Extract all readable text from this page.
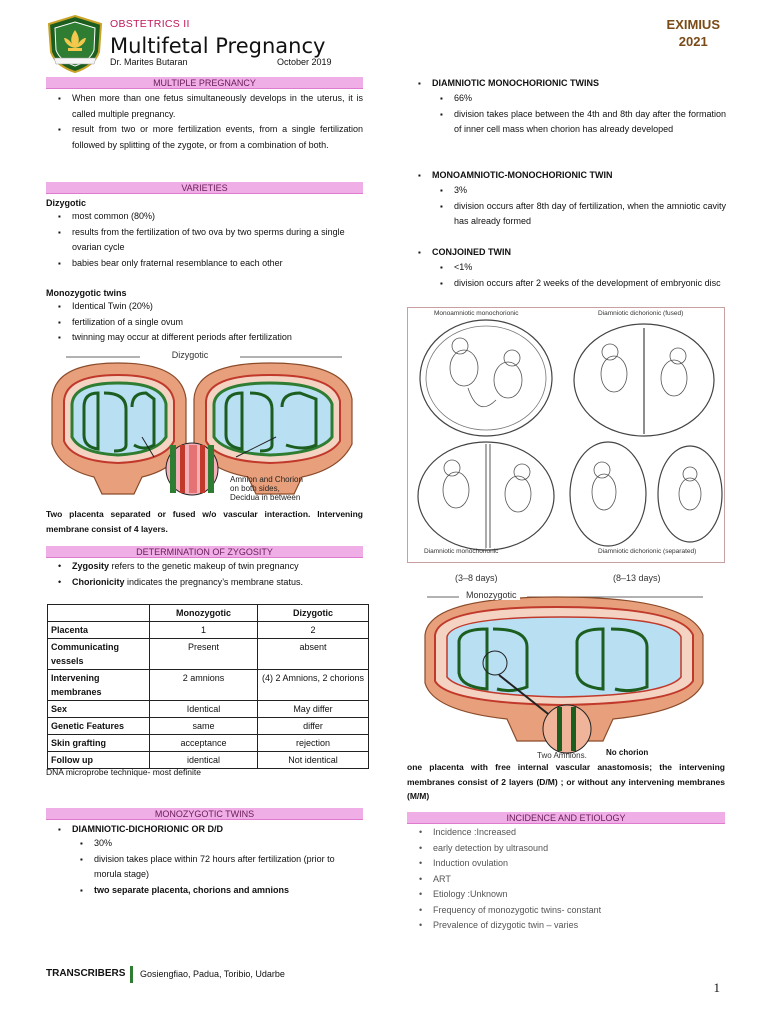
OBSTETRICS II
Multifetal Pregnancy
Dr. Marites Butaran	October 2019
EXIMIUS
2021
MULTIPLE PREGNANCY
▪ When more than one fetus simultaneously develops in the uterus, it is called multiple pregnancy.
▪ result from two or more fertilization events, from a single fertilization followed by splitting of the zygote, or from a combination of both.
VARIETIES
Dizygotic
▪ most common (80%)
▪ results from the fertilization of two ova by two sperms during a single ovarian cycle
▪ babies bear only fraternal resemblance to each other
Monozygotic twins
▪ Identical Twin (20%)
▪ fertilization of a single ovum
▪ twinning may occur at different periods after fertilization
Dizygotic
Amnion and Chorion
on both sides,
Decidua in between
Two placenta separated or fused w/o vascular interaction. Intervening membrane consist of 4 layers.
DETERMINATION OF ZYGOSITY
• Zygosity refers to the genetic makeup of twin pregnancy
• Chorionicity indicates the pregnancy’s membrane status.
	Monozygotic	Dizygotic
Placenta	1	2
Communicating vessels	Present	absent
Intervening membranes	2 amnions	(4) 2 Amnions, 2 chorions
Sex	Identical	May differ
Genetic Features	same	differ
Skin grafting	acceptance	rejection
Follow up	identical	Not identical
DNA microprobe technique- most definite
MONOZYGOTIC TWINS
▪ DIAMNIOTIC-DICHORIONIC OR D/D
▪ 30%
▪ division takes place within 72 hours after fertilization (prior to morula stage)
▪ two separate placenta, chorions and amnions
▪ DIAMNIOTIC MONOCHORIONIC TWINS
▪ 66%
▪ division takes place between the 4th and 8th day after the formation of inner cell mass when chorion has already developed
▪ MONOAMNIOTIC-MONOCHORIONIC TWIN
▪ 3%
▪ division occurs after 8th day of fertilization, when the amniotic cavity has already formed
▪ CONJOINED TWIN
▪ <1%
▪ division occurs after 2 weeks of the development of embryonic disc
Monoamniotic monochorionic	Diamniotic dichorionic (fused)
Diamniotic monochorionic	Diamniotic dichorionic (separated)
(3–8 days)	(8–13 days)
Monozygotic
Two Amnions. No chorion
one placenta with free internal vascular anastomosis; the intervening membranes consist of 2 layers (D/M) ; or without any intervening membranes (M/M)
INCIDENCE AND ETIOLOGY
• Incidence :Increased
• early detection by ultrasound
• Induction ovulation
• ART
• Etiology :Unknown
• Frequency of monozygotic twins- constant
• Prevalence of dizygotic twin – varies
TRANSCRIBERS Gosiengfiao, Padua, Toribio, Udarbe
1
